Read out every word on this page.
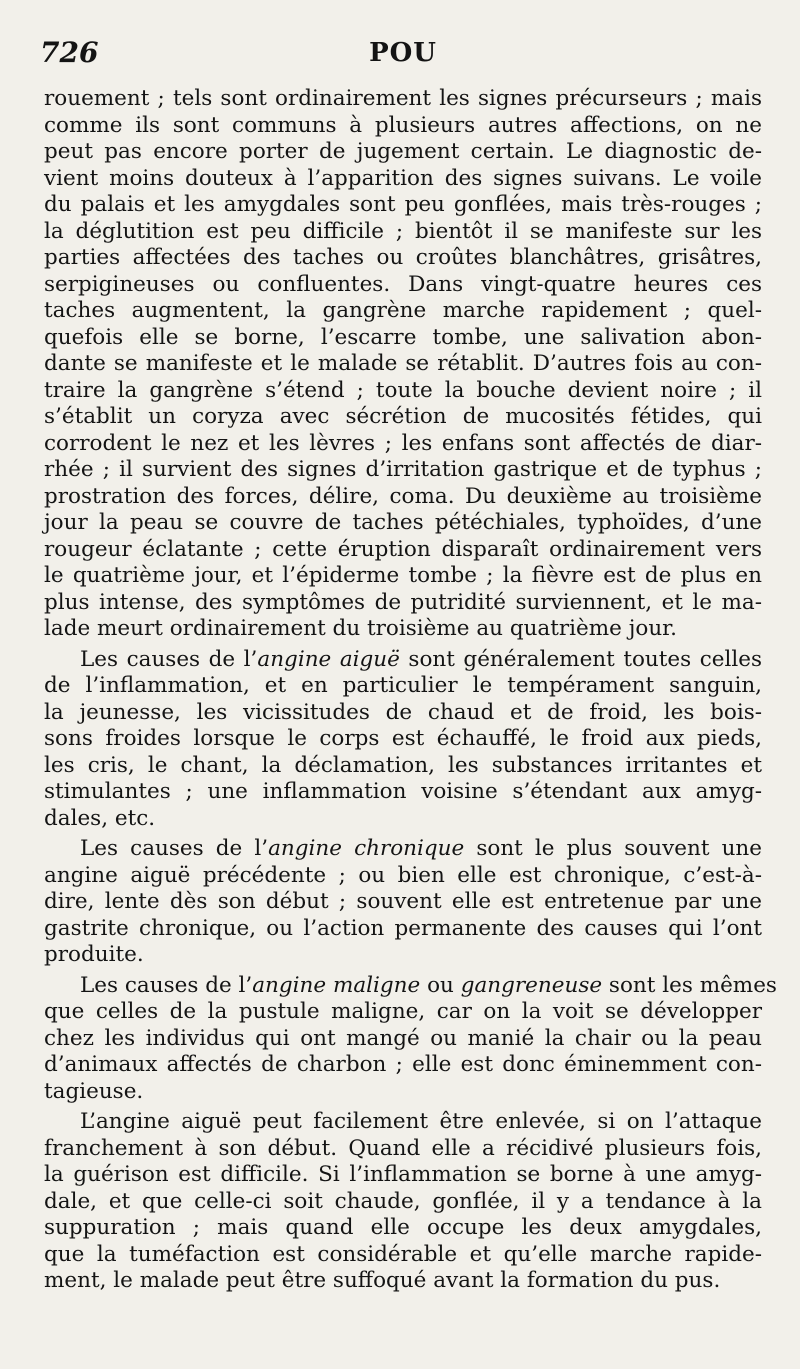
726	POU
rouement ; tels sont ordinairement les signes précurseurs ; mais
comme ils sont communs à plusieurs autres affections, on ne
peut pas encore porter de jugement certain. Le diagnostic de-
vient moins douteux à l’apparition des signes suivans. Le voile
du palais et les amygdales sont peu gonflées, mais très-rouges ;
la déglutition est peu difficile ; bientôt il se manifeste sur les
parties affectées des taches ou croûtes blanchâtres, grisâtres,
serpigineuses ou confluentes. Dans vingt-quatre heures ces
taches augmentent, la gangrène marche rapidement ; quel-
quefois elle se borne, l’escarre tombe, une salivation abon-
dante se manifeste et le malade se rétablit. D’autres fois au con-
traire la gangrène s’étend ; toute la bouche devient noire ; il
s’établit un coryza avec sécrétion de mucosités fétides, qui
corrodent le nez et les lèvres ; les enfans sont affectés de diar-
rhée ; il survient des signes d’irritation gastrique et de typhus ;
prostration des forces, délire, coma. Du deuxième au troisième
jour la peau se couvre de taches pétéchiales, typhoïdes, d’une
rougeur éclatante ; cette éruption disparaît ordinairement vers
le quatrième jour, et l’épiderme tombe ; la fièvre est de plus en
plus intense, des symptômes de putridité surviennent, et le ma-
lade meurt ordinairement du troisième au quatrième jour.
Les causes de l’angine aiguë sont généralement toutes celles
de l’inflammation, et en particulier le tempérament sanguin,
la jeunesse, les vicissitudes de chaud et de froid, les bois-
sons froides lorsque le corps est échauffé, le froid aux pieds,
les cris, le chant, la déclamation, les substances irritantes et
stimulantes ; une inflammation voisine s’étendant aux amyg-
dales, etc.
Les causes de l’angine chronique sont le plus souvent une
angine aiguë précédente ; ou bien elle est chronique, c’est-à-
dire, lente dès son début ; souvent elle est entretenue par une
gastrite chronique, ou l’action permanente des causes qui l’ont
produite.
Les causes de l’angine maligne ou gangreneuse sont les mêmes
que celles de la pustule maligne, car on la voit se développer
chez les individus qui ont mangé ou manié la chair ou la peau
d’animaux affectés de charbon ; elle est donc éminemment con-
tagieuse.
L’angine aiguë peut facilement être enlevée, si on l’attaque
franchement à son début. Quand elle a récidivé plusieurs fois,
la guérison est difficile. Si l’inflammation se borne à une amyg-
dale, et que celle-ci soit chaude, gonflée, il y a tendance à la
suppuration ; mais quand elle occupe les deux amygdales,
que la tuméfaction est considérable et qu’elle marche rapide-
ment, le malade peut être suffoqué avant la formation du pus.
